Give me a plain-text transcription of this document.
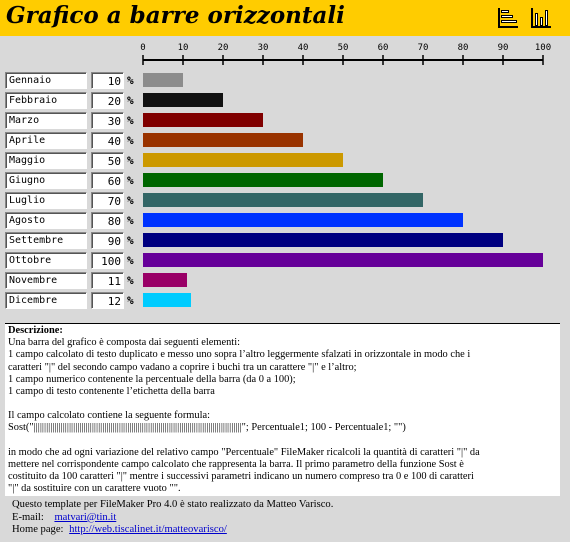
Grafico a barre orizzontali
0	10	20	30	40	50	60	70	80	90	100
Gennaio	10 %
Febbraio	20 %
Marzo	30 %
Aprile	40 %
Maggio	50 %
Giugno	60 %
Luglio	70 %
Agosto	80 %
Settembre	90 %
Ottobre	100 %
Novembre	11 %
Dicembre	12 %
Descrizione:
Una barra del grafico è composta dai seguenti elementi:
1 campo calcolato di testo duplicato e messo uno sopra l’altro leggermente sfalzati in orizzontale in modo che i
caratteri "|" del secondo campo vadano a coprire i buchi tra un carattere "|" e l’altro;
1 campo numerico contenente la percentuale della barra (da 0 a 100);
1 campo di testo contenente l’etichetta della barra
Il campo calcolato contiene la seguente formula:
Sost("||||||||||||||||||||||||||||||||||||||||||||||||||||||||||||||||||||||||||||||||||||||||||||||||||||"; Percentuale1; 100 - Percentuale1; "")
in modo che ad ogni variazione del relativo campo "Percentuale" FileMaker ricalcoli la quantità di caratteri "|" da
mettere nel corrispondente campo calcolato che rappresenta la barra. Il primo parametro della funzione Sost è
costituito da 100 caratteri "|" mentre i successivi parametri indicano un numero compreso tra 0 e 100 di caratteri
"|" da sostituire con un carattere vuoto "".
Questo template per FileMaker Pro 4.0 è stato realizzato da Matteo Varisco.
E-mail: matvari@tin.it
Home page: http://web.tiscalinet.it/matteovarisco/
